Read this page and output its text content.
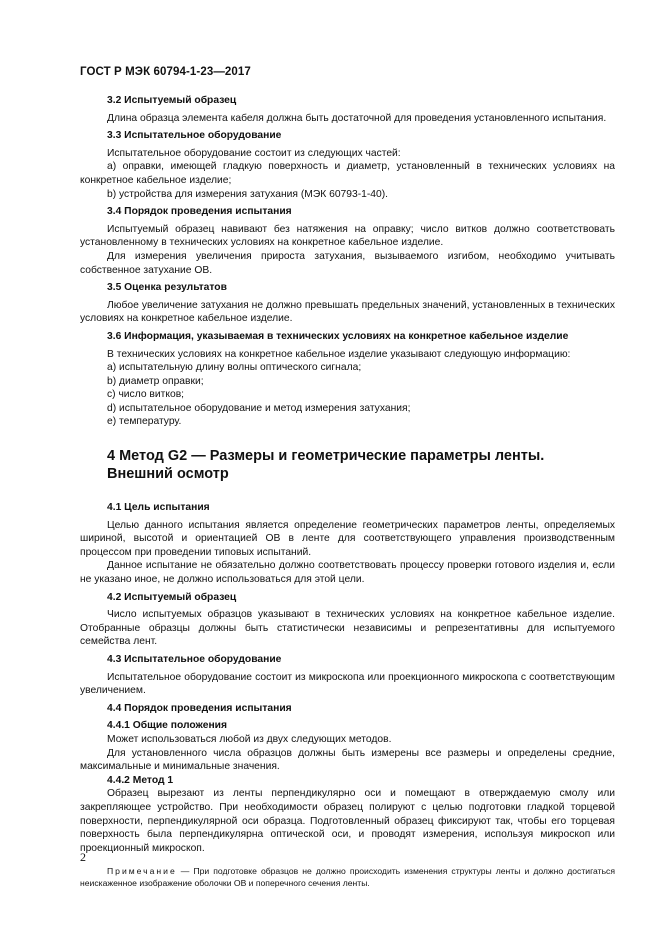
ГОСТ Р МЭК 60794-1-23—2017

3.2 Испытуемый образец

Длина образца элемента кабеля должна быть достаточной для проведения установленного испытания.

3.3 Испытательное оборудование

Испытательное оборудование состоит из следующих частей:

а) оправки, имеющей гладкую поверхность и диаметр, установленный в технических условиях на конкретное кабельное изделие;

b) устройства для измерения затухания (МЭК 60793-1-40).

3.4 Порядок проведения испытания

Испытуемый образец навивают без натяжения на оправку; число витков должно соответствовать установленному в технических условиях на конкретное кабельное изделие.

Для измерения увеличения прироста затухания, вызываемого изгибом, необходимо учитывать собственное затухание ОВ.

3.5 Оценка результатов

Любое увеличение затухания не должно превышать предельных значений, установленных в технических условиях на конкретное кабельное изделие.

3.6 Информация, указываемая в технических условиях на конкретное кабельное изделие

В технических условиях на конкретное кабельное изделие указывают следующую информацию:

а) испытательную длину волны оптического сигнала;

b) диаметр оправки;

с) число витков;

d) испытательное оборудование и метод измерения затухания;

е) температуру.

4 Метод G2 — Размеры и геометрические параметры ленты.
Внешний осмотр

4.1 Цель испытания

Целью данного испытания является определение геометрических параметров ленты, определяемых шириной, высотой и ориентацией ОВ в ленте для соответствующего управления производственным процессом при проведении типовых испытаний.

Данное испытание не обязательно должно соответствовать процессу проверки готового изделия и, если не указано иное, не должно использоваться для этой цели.

4.2 Испытуемый образец

Число испытуемых образцов указывают в технических условиях на конкретное кабельное изделие. Отобранные образцы должны быть статистически независимы и репрезентативны для испытуемого семейства лент.

4.3 Испытательное оборудование

Испытательное оборудование состоит из микроскопа или проекционного микроскопа с соответствующим увеличением.

4.4 Порядок проведения испытания

4.4.1 Общие положения

Может использоваться любой из двух следующих методов.

Для установленного числа образцов должны быть измерены все размеры и определены средние, максимальные и минимальные значения.

4.4.2 Метод 1

Образец вырезают из ленты перпендикулярно оси и помещают в отверждаемую смолу или закрепляющее устройство. При необходимости образец полируют с целью подготовки гладкой торцевой поверхности, перпендикулярной оси образца. Подготовленный образец фиксируют так, чтобы его торцевая поверхность была перпендикулярна оптической оси, и проводят измерения, используя микроскоп или проекционный микроскоп.

Примечание — При подготовке образцов не должно происходить изменения структуры ленты и должно достигаться неискаженное изображение оболочки ОВ и поперечного сечения ленты.

2
